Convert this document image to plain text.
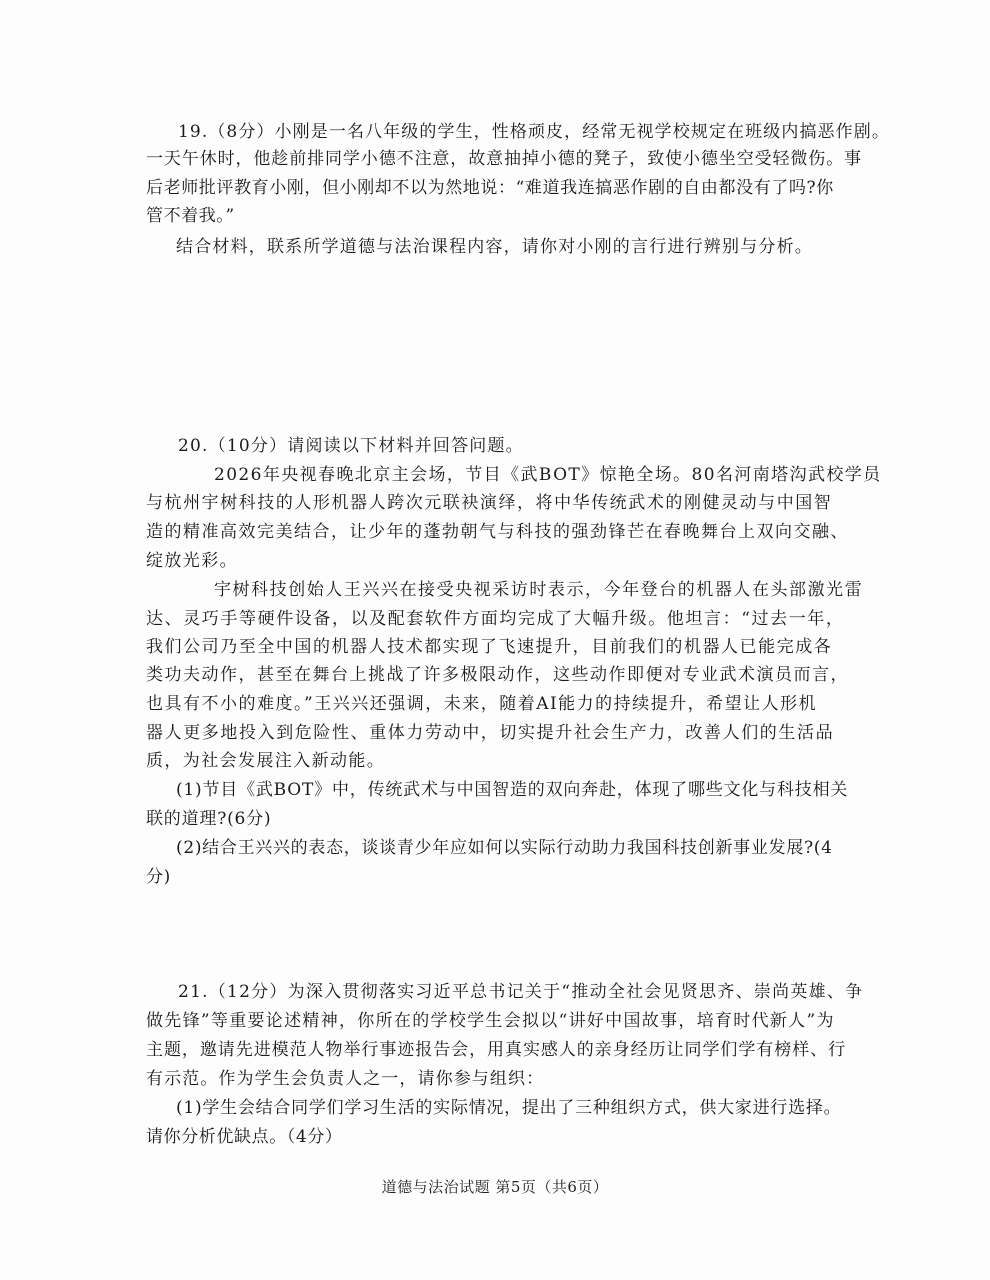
19.（8分）小刚是一名八年级的学生，性格顽皮，经常无视学校规定在班级内搞恶作剧。
一天午休时，他趁前排同学小德不注意，故意抽掉小德的凳子，致使小德坐空受轻微伤。事
后老师批评教育小刚，但小刚却不以为然地说：“难道我连搞恶作剧的自由都没有了吗?你
管不着我。”
结合材料，联系所学道德与法治课程内容，请你对小刚的言行进行辨别与分析。
20.（10分）请阅读以下材料并回答问题。
2026年央视春晚北京主会场，节目《武BOT》惊艳全场。80名河南塔沟武校学员
与杭州宇树科技的人形机器人跨次元联袂演绎，将中华传统武术的刚健灵动与中国智
造的精准高效完美结合，让少年的蓬勃朝气与科技的强劲锋芒在春晚舞台上双向交融、
绽放光彩。
宇树科技创始人王兴兴在接受央视采访时表示，今年登台的机器人在头部激光雷
达、灵巧手等硬件设备，以及配套软件方面均完成了大幅升级。他坦言：“过去一年，
我们公司乃至全中国的机器人技术都实现了飞速提升，目前我们的机器人已能完成各
类功夫动作，甚至在舞台上挑战了许多极限动作，这些动作即便对专业武术演员而言，
也具有不小的难度。”王兴兴还强调，未来，随着AI能力的持续提升，希望让人形机
器人更多地投入到危险性、重体力劳动中，切实提升社会生产力，改善人们的生活品
质，为社会发展注入新动能。
(1)节目《武BOT》中，传统武术与中国智造的双向奔赴，体现了哪些文化与科技相关
联的道理?(6分)
(2)结合王兴兴的表态，谈谈青少年应如何以实际行动助力我国科技创新事业发展?(4
分)
21.（12分）为深入贯彻落实习近平总书记关于“推动全社会见贤思齐、崇尚英雄、争
做先锋”等重要论述精神，你所在的学校学生会拟以“讲好中国故事，培育时代新人”为
主题，邀请先进模范人物举行事迹报告会，用真实感人的亲身经历让同学们学有榜样、行
有示范。作为学生会负责人之一，请你参与组织：
(1)学生会结合同学们学习生活的实际情况，提出了三种组织方式，供大家进行选择。
请你分析优缺点。（4分）
道德与法治试题 第5页（共6页）
